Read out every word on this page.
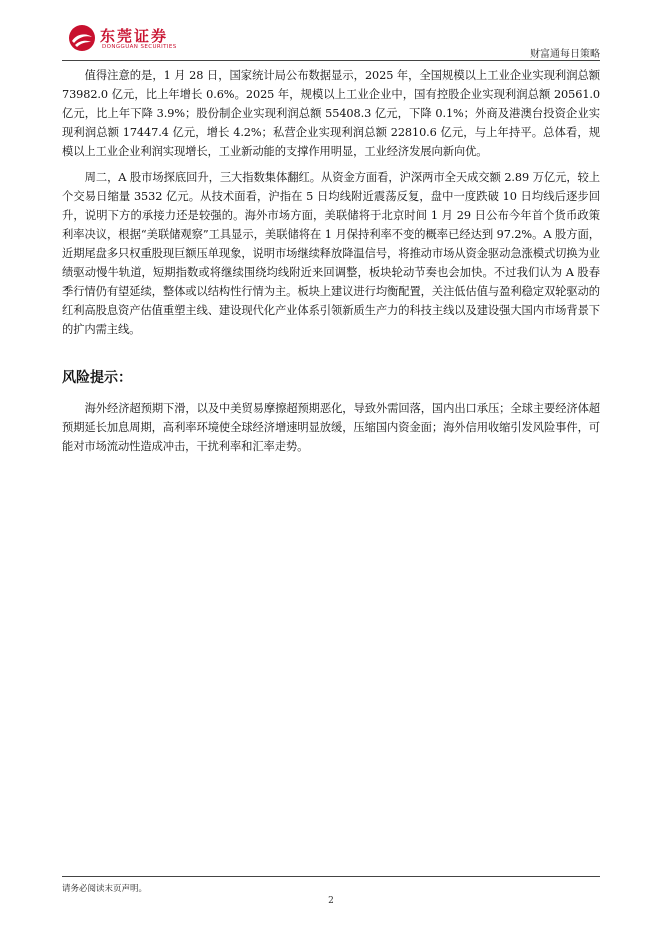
东莞证券
DONGGUAN SECURITIES
财富通每日策略

值得注意的是，1 月 28 日，国家统计局公布数据显示，2025 年，全国规模以上工业企业实现利润总额 73982.0 亿元，比上年增长 0.6%。2025 年，规模以上工业企业中，国有控股企业实现利润总额 20561.0 亿元，比上年下降 3.9%；股份制企业实现利润总额 55408.3 亿元，下降 0.1%；外商及港澳台投资企业实现利润总额 17447.4 亿元，增长 4.2%；私营企业实现利润总额 22810.6 亿元，与上年持平。总体看，规模以上工业企业利润实现增长，工业新动能的支撑作用明显，工业经济发展向新向优。

周二，A 股市场探底回升，三大指数集体翻红。从资金方面看，沪深两市全天成交额 2.89 万亿元，较上个交易日缩量 3532 亿元。从技术面看，沪指在 5 日均线附近震荡反复，盘中一度跌破 10 日均线后逐步回升，说明下方的承接力还是较强的。海外市场方面，美联储将于北京时间 1 月 29 日公布今年首个货币政策利率决议，根据“美联储观察”工具显示，美联储将在 1 月保持利率不变的概率已经达到 97.2%。A 股方面，近期尾盘多只权重股现巨额压单现象，说明市场继续释放降温信号，将推动市场从资金驱动急涨模式切换为业绩驱动慢牛轨道，短期指数或将继续围绕均线附近来回调整，板块轮动节奏也会加快。不过我们认为 A 股春季行情仍有望延续，整体或以结构性行情为主。板块上建议进行均衡配置，关注低估值与盈利稳定双轮驱动的红利高股息资产估值重塑主线、建设现代化产业体系引领新质生产力的科技主线以及建设强大国内市场背景下的扩内需主线。

风险提示：

海外经济超预期下滑，以及中美贸易摩擦超预期恶化，导致外需回落，国内出口承压；全球主要经济体超预期延长加息周期，高利率环境使全球经济增速明显放缓，压缩国内资金面；海外信用收缩引发风险事件，可能对市场流动性造成冲击，干扰利率和汇率走势。

请务必阅读末页声明。
2
